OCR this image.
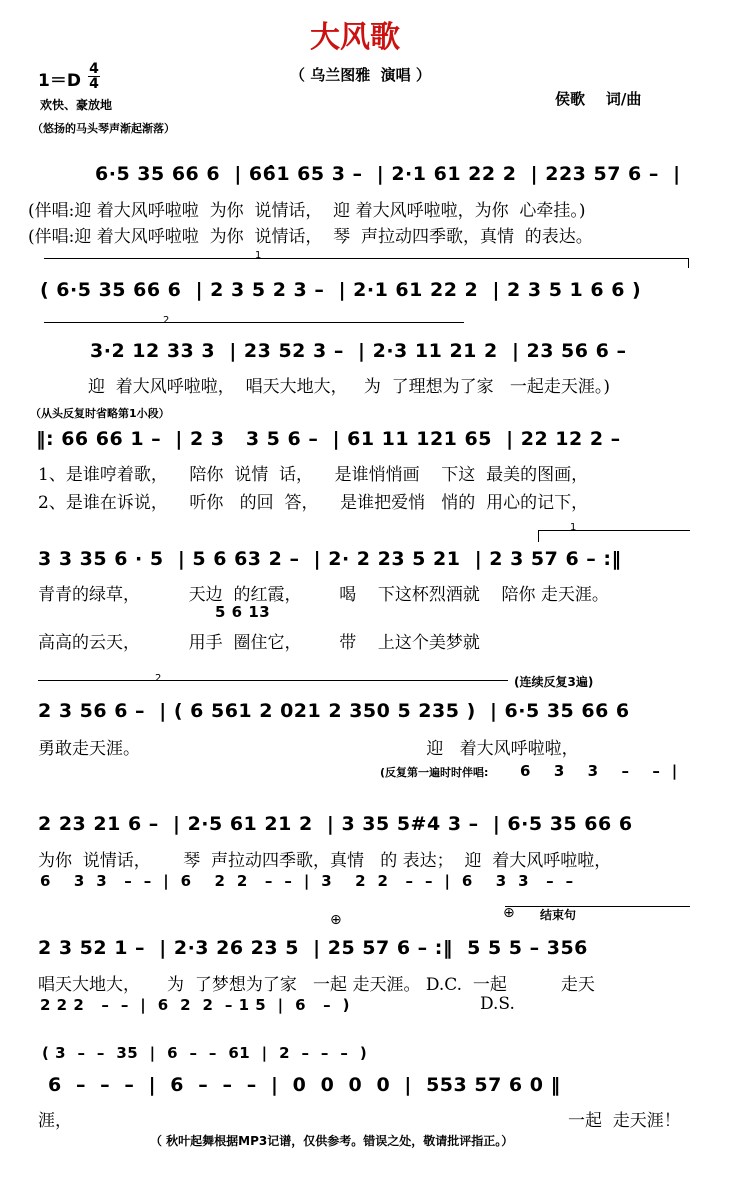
大风歌
（ 乌兰图雅  演唱 ）
$1=D \frac{4}{4}$
欢快、豪放地
（悠扬的马头琴声渐起渐落）
侯歌    词/曲
6·5 35 66 6  | 66̂1 65 3 –  | 2·1 61 22 2  | 223 57 6 –  |
(伴唱:迎 着大风呼啦啦  为你  说情话，  迎 着大风呼啦啦，为你  心牵挂。)
(伴唱:迎 着大风呼啦啦  为你  说情话，  琴  声拉动四季歌，真情  的表达。
1
( 6·5 35 66 6  | 2 3 5 2 3 –  | 2·1 61 22 2  | 2 3 5 1 6 6 )
2
3·2 12 33 3  | 23 52 3 –  | 2·3 11 21 2  | 23 56 6 –
迎  着大风呼啦啦，  唱天大地大，   为  了理想为了家   一起走天涯。)
（从头反复时省略第1小段）
‖: 66 66 1 –  | 2 3   3 5 6 –  | 61 11 121 65  | 22 12 2 –
1、是谁哼着歌，    陪你  说情  话，    是谁悄悄画    下这  最美的图画，
2、是谁在诉说，    听你   的回  答，    是谁把爱悄   悄的  用心的记下，
1
3 3 35 6 · 5  | 5 6 63 2 –  | 2· 2 23 5 21  | 2 3 57 6 – :‖
青青的绿草，         天边  的红霞，       喝    下这杯烈酒就    陪你 走天涯。
5 6 13
高高的云天，         用手  圈住它，       带    上这个美梦就
2	(连续反复3遍)
2 3 56 6 –  | ( 6 561 2 021 2 350 5 235 )  | 6·5 35 66 6
勇敢走天涯。                                                     迎   着大风呼啦啦，
(反复第一遍时时伴唱: 6    3    3    –    –  |
2 23 21 6 –  | 2·5 61 21 2  | 3 35 5#4 3 –  | 6·5 35 66 6
为你  说情话，      琴  声拉动四季歌，真情   的 表达；  迎  着大风呼啦啦，
6    3  3   –  –  |  6    2  2   –  –  |  3    2  2   –  –  |  6    3  3   –  –
⊕	⊕ 结束句
2 3 52 1 –  | 2·3 26 23 5  | 25 57 6 – :‖  5 5 5 – 356
唱天大地大，     为  了梦想为了家   一起 走天涯。 D.C.  一起          走天
2 2 2   –  –  |  6  2  2  – 1 5  |  6   –  )	D.S.
( 3  –  –  35  |  6  –  –  61  |  2  –  –  –  )
6  –  –  –  |  6  –  –  –  |  0  0  0  0  |  553 57 6 0 ‖
涯，	一起  走天涯！
（ 秋叶起舞根据MP3记谱，仅供参考。错误之处，敬请批评指正。）
